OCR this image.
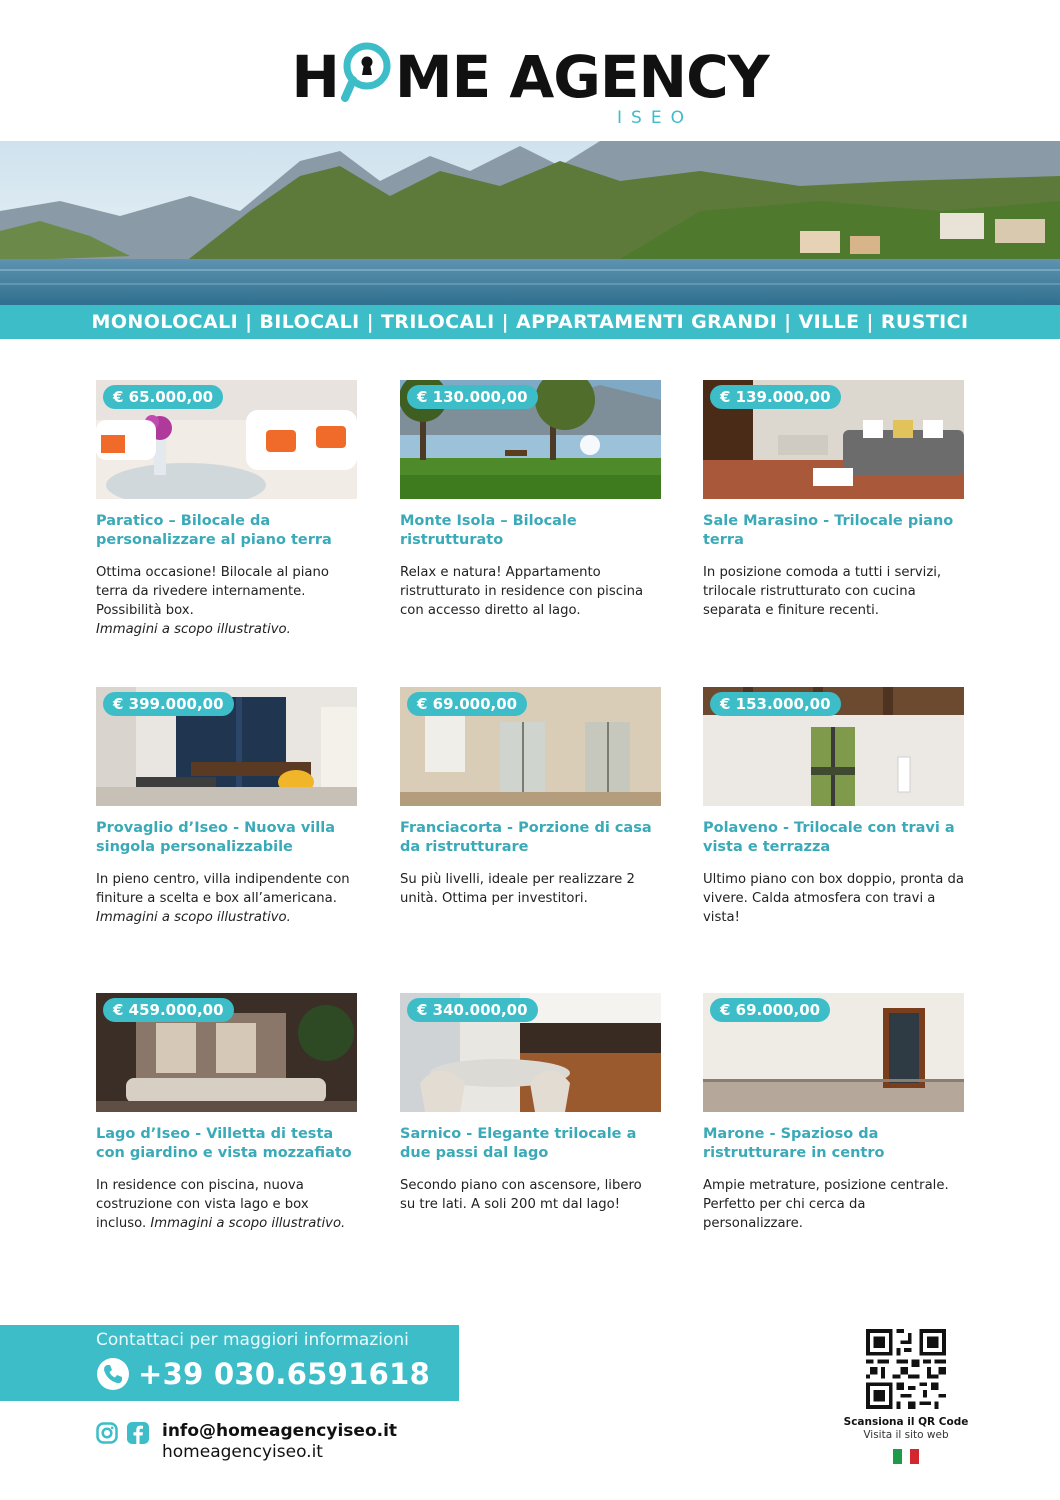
H ME AGENCY
ISEO
MONOLOCALI | BILOCALI | TRILOCALI | APPARTAMENTI GRANDI | VILLE | RUSTICI
€ 65.000,00
Paratico – Bilocale da personalizzare al piano terra
Ottima occasione! Bilocale al piano terra da rivedere internamente. Possibilità box.
Immagini a scopo illustrativo.
€ 130.000,00
Monte Isola – Bilocale ristrutturato
Relax e natura! Appartamento ristrutturato in residence con piscina con accesso diretto al lago.
€ 139.000,00
Sale Marasino - Trilocale piano terra
In posizione comoda a tutti i servizi, trilocale ristrutturato con cucina separata e finiture recenti.
€ 399.000,00
Provaglio d’Iseo - Nuova villa singola personalizzabile
In pieno centro, villa indipendente con finiture a scelta e box all’americana. Immagini a scopo illustrativo.
€ 69.000,00
Franciacorta - Porzione di casa da ristrutturare
Su più livelli, ideale per realizzare 2 unità. Ottima per investitori.
€ 153.000,00
Polaveno - Trilocale con travi a vista e terrazza
Ultimo piano con box doppio, pronta da vivere. Calda atmosfera con travi a vista!
€ 459.000,00
Lago d’Iseo - Villetta di testa con giardino e vista mozzafiato
In residence con piscina, nuova costruzione con vista lago e box incluso. Immagini a scopo illustrativo.
€ 340.000,00
Sarnico - Elegante trilocale a due passi dal lago
Secondo piano con ascensore, libero su tre lati. A soli 200 mt dal lago!
€ 69.000,00
Marone - Spazioso da ristrutturare in centro
Ampie metrature, posizione centrale. Perfetto per chi cerca da personalizzare.
Contattaci per maggiori informazioni
+39 030.6591618
info@homeagencyiseo.it
homeagencyiseo.it
Scansiona il QR Code
Visita il sito web
